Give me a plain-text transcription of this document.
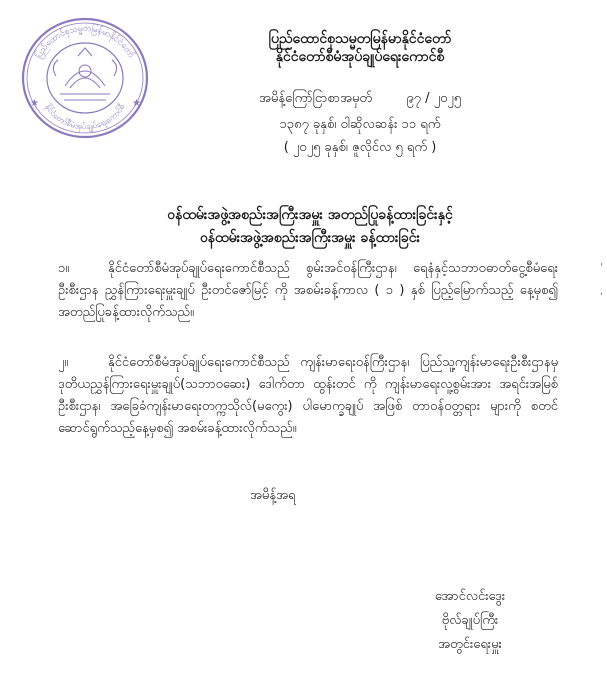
ပြည်ထောင်စုသမ္မတမြန်မာနိုင်ငံတော်
နိုင်ငံတော်စီမံအုပ်ချုပ်ရေးကောင်စီ
★	★
ပြည်ထောင်စုသမ္မတမြန်မာနိုင်ငံတော်
နိုင်ငံတော်စီမံအုပ်ချုပ်ရေးကောင်စီ
အမိန့်ကြော်ငြာစာအမှတ်	၉၇ / ၂၀၂၅
၁၃၈၇ ခုနှစ်၊ ဝါဆိုလဆန်း ၁၁ ရက်
( ၂၀၂၅ ခုနှစ်၊ ဇူလိုင်လ ၅ ရက် )
ဝန်ထမ်းအဖွဲ့အစည်းအကြီးအမှူး အတည်ပြုခန့်ထားခြင်းနှင့်
ဝန်ထမ်းအဖွဲ့အစည်းအကြီးအမှူး ခန့်ထားခြင်း
၁။	နိုင်ငံတော်စီမံအုပ်ချုပ်ရေးကောင်စီသည် စွမ်းအင်ဝန်ကြီးဌာန၊ ရေနံနှင့်သဘာဝဓာတ်ငွေ့စီမံရေး ဦးစီးဌာန ညွှန်ကြားရေးမှူးချုပ် ဦးတင်ဇော်မြင့် ကို အစမ်းခန့်ကာလ ( ၁ ) နှစ် ပြည့်မြောက်သည့် နေ့မှစ၍ အတည်ပြုခန့်ထားလိုက်သည်။
၂။	နိုင်ငံတော်စီမံအုပ်ချုပ်ရေးကောင်စီသည် ကျန်းမာရေးဝန်ကြီးဌာန၊ ပြည်သူ့ကျန်းမာရေးဦးစီးဌာနမှ ဒုတိယညွှန်ကြားရေးမှူးချုပ်(သဘာဝဆေး) ဒေါက်တာ ထွန်းတင် ကို ကျန်းမာရေးလူ့စွမ်းအား အရင်းအမြစ်ဦးစီးဌာန၊ အခြေခံကျန်းမာရေးတက္ကသိုလ်(မကွေး) ပါမောက္ခချုပ် အဖြစ် တာဝန်ဝတ္တရား များကို စတင်ဆောင်ရွက်သည့်နေ့မှစ၍ အစမ်းခန့်ထားလိုက်သည်။
အမိန့်အရ
အောင်လင်းဒွေး
ဗိုလ်ချုပ်ကြီး
အတွင်းရေးမှူး
'
,
